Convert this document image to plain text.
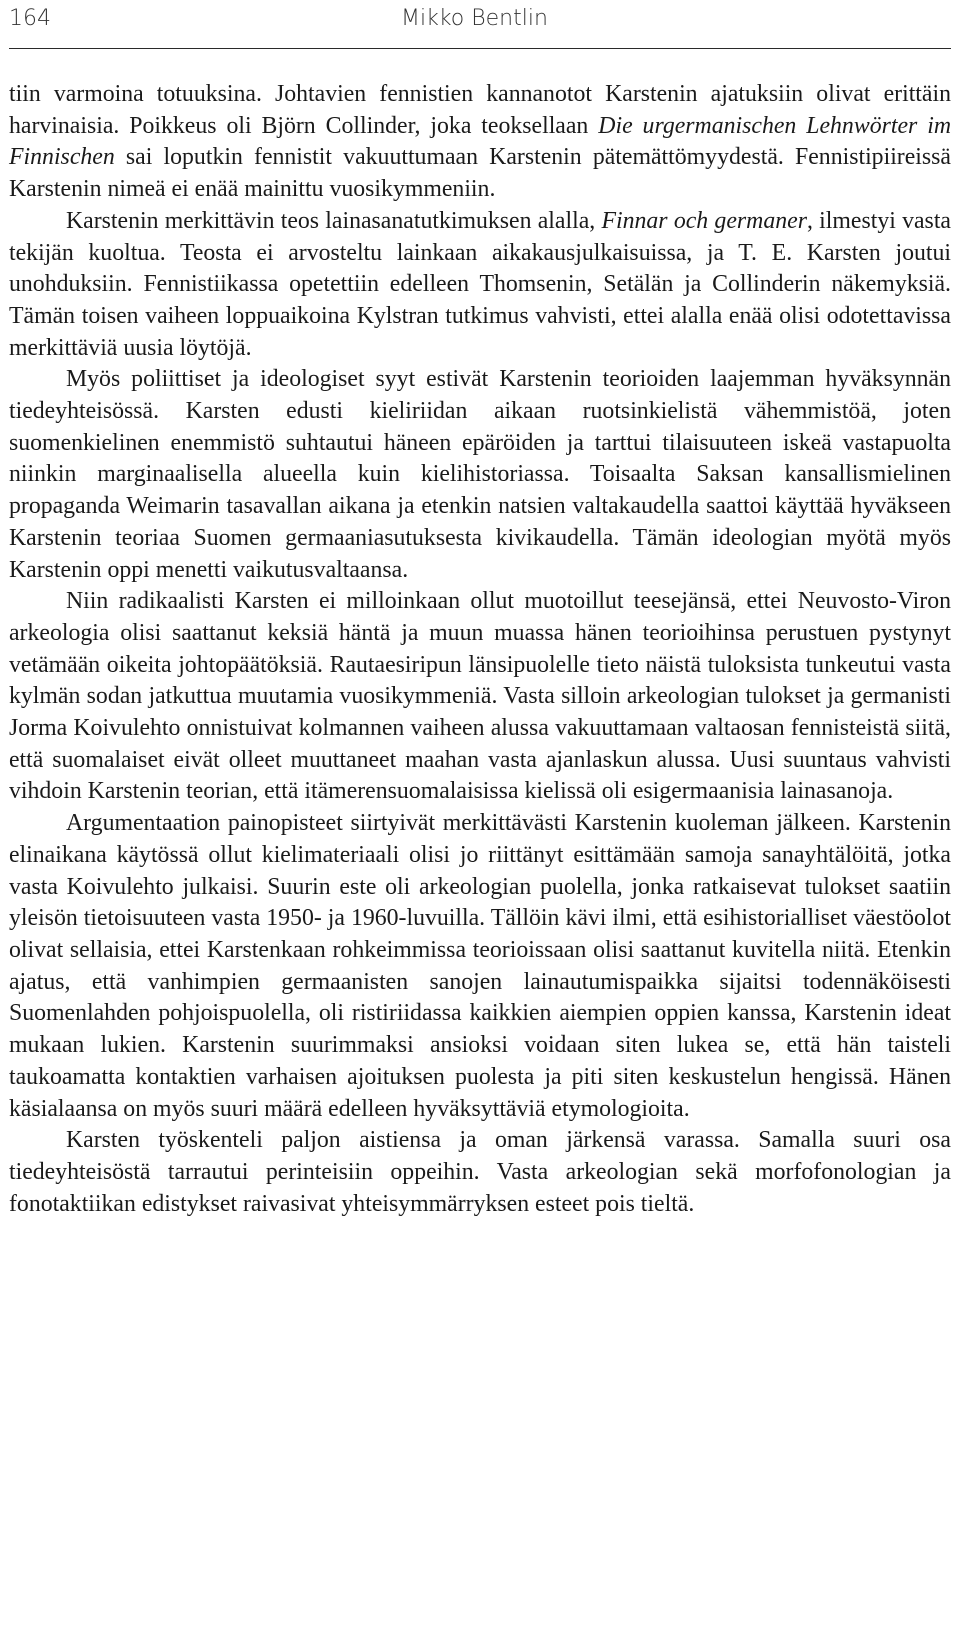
164	Mikko Bentlin

tiin varmoina totuuksina. Johtavien fennistien kannanotot Karstenin ajatuksiin olivat erittäin harvinaisia. Poikkeus oli Björn Collinder, joka teoksellaan Die urgermanischen Lehnwörter im Finnischen sai loputkin fennistit vakuuttumaan Karstenin pätemättömyydestä. Fennistipiireissä Karstenin nimeä ei enää mainittu vuosikymmeniin.

Karstenin merkittävin teos lainasanatutkimuksen alalla, Finnar och germaner, ilmestyi vasta tekijän kuoltua. Teosta ei arvosteltu lainkaan aikakausjulkaisuissa, ja T. E. Karsten joutui unohduksiin. Fennistiikassa opetettiin edelleen Thomsenin, Setälän ja Collinderin näkemyksiä. Tämän toisen vaiheen loppuaikoina Kylstran tutkimus vahvisti, ettei alalla enää olisi odotettavissa merkittäviä uusia löytöjä.

Myös poliittiset ja ideologiset syyt estivät Karstenin teorioiden laajemman hyväksynnän tiedeyhteisössä. Karsten edusti kieliriidan aikaan ruotsinkielistä vähemmistöä, joten suomenkielinen enemmistö suhtautui häneen epäröiden ja tarttui tilaisuuteen iskeä vastapuolta niinkin marginaalisella alueella kuin kielihistoriassa. Toisaalta Saksan kansallismielinen propaganda Weimarin tasavallan aikana ja etenkin natsien valtakaudella saattoi käyttää hyväkseen Karstenin teoriaa Suomen germaaniasutuksesta kivikaudella. Tämän ideologian myötä myös Karstenin oppi menetti vaikutusvaltaansa.

Niin radikaalisti Karsten ei milloinkaan ollut muotoillut teesejänsä, ettei Neuvosto-Viron arkeologia olisi saattanut keksiä häntä ja muun muassa hänen teorioihinsa perustuen pystynyt vetämään oikeita johtopäätöksiä. Rautaesiripun länsipuolelle tieto näistä tuloksista tunkeutui vasta kylmän sodan jatkuttua muutamia vuosikymmeniä. Vasta silloin arkeologian tulokset ja germanisti Jorma Koivulehto onnistuivat kolmannen vaiheen alussa vakuuttamaan valtaosan fennisteistä siitä, että suomalaiset eivät olleet muuttaneet maahan vasta ajanlaskun alussa. Uusi suuntaus vahvisti vihdoin Karstenin teorian, että itämerensuomalaisissa kielissä oli esigermaanisia lainasanoja.

Argumentaation painopisteet siirtyivät merkittävästi Karstenin kuoleman jälkeen. Karstenin elinaikana käytössä ollut kielimateriaali olisi jo riittänyt esittämään samoja sanayhtälöitä, jotka vasta Koivulehto julkaisi. Suurin este oli arkeologian puolella, jonka ratkaisevat tulokset saatiin yleisön tietoisuuteen vasta 1950- ja 1960-luvuilla. Tällöin kävi ilmi, että esihistorialliset väestöolot olivat sellaisia, ettei Karstenkaan rohkeimmissa teorioissaan olisi saattanut kuvitella niitä. Etenkin ajatus, että vanhimpien germaanisten sanojen lainautumispaikka sijaitsi todennäköisesti Suomenlahden pohjoispuolella, oli ristiriidassa kaikkien aiempien oppien kanssa, Karstenin ideat mukaan lukien. Karstenin suurimmaksi ansioksi voidaan siten lukea se, että hän taisteli taukoamatta kontaktien varhaisen ajoituksen puolesta ja piti siten keskustelun hengissä. Hänen käsialaansa on myös suuri määrä edelleen hyväksyttäviä etymologioita.

Karsten työskenteli paljon aistiensa ja oman järkensä varassa. Samalla suuri osa tiedeyhteisöstä tarrautui perinteisiin oppeihin. Vasta arkeologian sekä morfofonologian ja fonotaktiikan edistykset raivasivat yhteisymmärryksen esteet pois tieltä.
